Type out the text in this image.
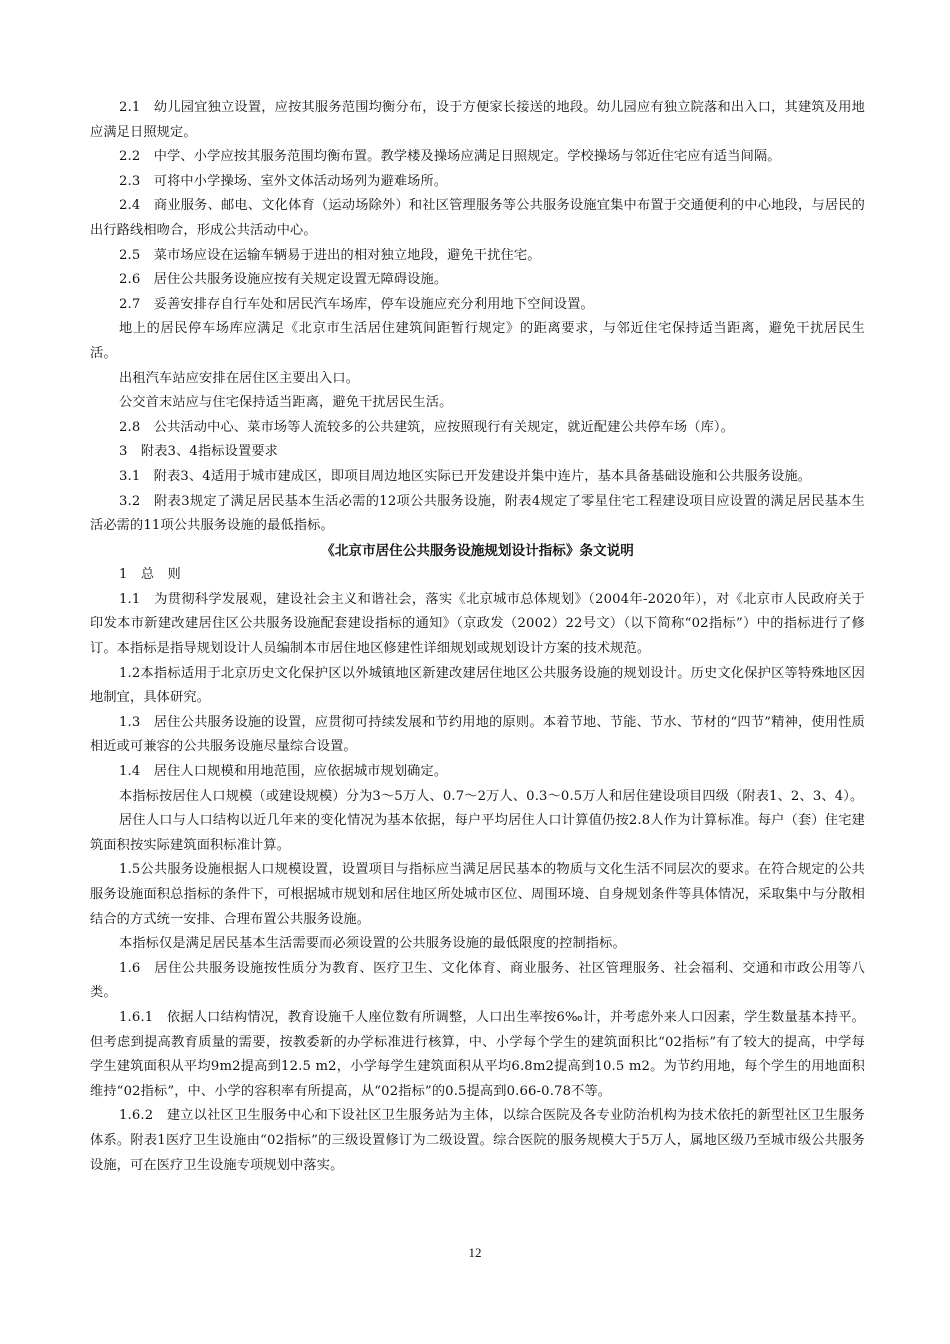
2.1　幼儿园宜独立设置，应按其服务范围均衡分布，设于方便家长接送的地段。幼儿园应有独立院落和出入口，其建筑及用地应满足日照规定。

2.2　中学、小学应按其服务范围均衡布置。教学楼及操场应满足日照规定。学校操场与邻近住宅应有适当间隔。

2.3　可将中小学操场、室外文体活动场列为避难场所。

2.4　商业服务、邮电、文化体育（运动场除外）和社区管理服务等公共服务设施宜集中布置于交通便利的中心地段，与居民的出行路线相吻合，形成公共活动中心。

2.5　菜市场应设在运输车辆易于进出的相对独立地段，避免干扰住宅。

2.6　居住公共服务设施应按有关规定设置无障碍设施。

2.7　妥善安排存自行车处和居民汽车场库，停车设施应充分利用地下空间设置。

地上的居民停车场库应满足《北京市生活居住建筑间距暂行规定》的距离要求，与邻近住宅保持适当距离，避免干扰居民生活。

出租汽车站应安排在居住区主要出入口。

公交首末站应与住宅保持适当距离，避免干扰居民生活。

2.8　公共活动中心、菜市场等人流较多的公共建筑，应按照现行有关规定，就近配建公共停车场（库）。

3　附表3、4指标设置要求

3.1　附表3、4适用于城市建成区，即项目周边地区实际已开发建设并集中连片，基本具备基础设施和公共服务设施。

3.2　附表3规定了满足居民基本生活必需的12项公共服务设施，附表4规定了零星住宅工程建设项目应设置的满足居民基本生活必需的11项公共服务设施的最低指标。

《北京市居住公共服务设施规划设计指标》条文说明

1　总　则

1.1　为贯彻科学发展观，建设社会主义和谐社会，落实《北京城市总体规划》（2004年-2020年），对《北京市人民政府关于印发本市新建改建居住区公共服务设施配套建设指标的通知》（京政发（2002）22号文）（以下简称“02指标”）中的指标进行了修订。本指标是指导规划设计人员编制本市居住地区修建性详细规划或规划设计方案的技术规范。

1.2本指标适用于北京历史文化保护区以外城镇地区新建改建居住地区公共服务设施的规划设计。历史文化保护区等特殊地区因地制宜，具体研究。

1.3　居住公共服务设施的设置，应贯彻可持续发展和节约用地的原则。本着节地、节能、节水、节材的“四节”精神，使用性质相近或可兼容的公共服务设施尽量综合设置。

1.4　居住人口规模和用地范围，应依据城市规划确定。

本指标按居住人口规模（或建设规模）分为3～5万人、0.7～2万人、0.3～0.5万人和居住建设项目四级（附表1、2、3、4）。

居住人口与人口结构以近几年来的变化情况为基本依据，每户平均居住人口计算值仍按2.8人作为计算标准。每户（套）住宅建筑面积按实际建筑面积标准计算。

1.5公共服务设施根据人口规模设置，设置项目与指标应当满足居民基本的物质与文化生活不同层次的要求。在符合规定的公共服务设施面积总指标的条件下，可根据城市规划和居住地区所处城市区位、周围环境、自身规划条件等具体情况，采取集中与分散相结合的方式统一安排、合理布置公共服务设施。

本指标仅是满足居民基本生活需要而必须设置的公共服务设施的最低限度的控制指标。

1.6　居住公共服务设施按性质分为教育、医疗卫生、文化体育、商业服务、社区管理服务、社会福利、交通和市政公用等八类。

1.6.1　依据人口结构情况，教育设施千人座位数有所调整，人口出生率按6‰计，并考虑外来人口因素，学生数量基本持平。但考虑到提高教育质量的需要，按教委新的办学标准进行核算，中、小学每个学生的建筑面积比“02指标”有了较大的提高，中学每学生建筑面积从平均9m2提高到12.5 m2，小学每学生建筑面积从平均6.8m2提高到10.5 m2。为节约用地，每个学生的用地面积维持“02指标”，中、小学的容积率有所提高，从“02指标”的0.5提高到0.66-0.78不等。

1.6.2　建立以社区卫生服务中心和下设社区卫生服务站为主体，以综合医院及各专业防治机构为技术依托的新型社区卫生服务体系。附表1医疗卫生设施由“02指标”的三级设置修订为二级设置。综合医院的服务规模大于5万人，属地区级乃至城市级公共服务设施，可在医疗卫生设施专项规划中落实。

12
